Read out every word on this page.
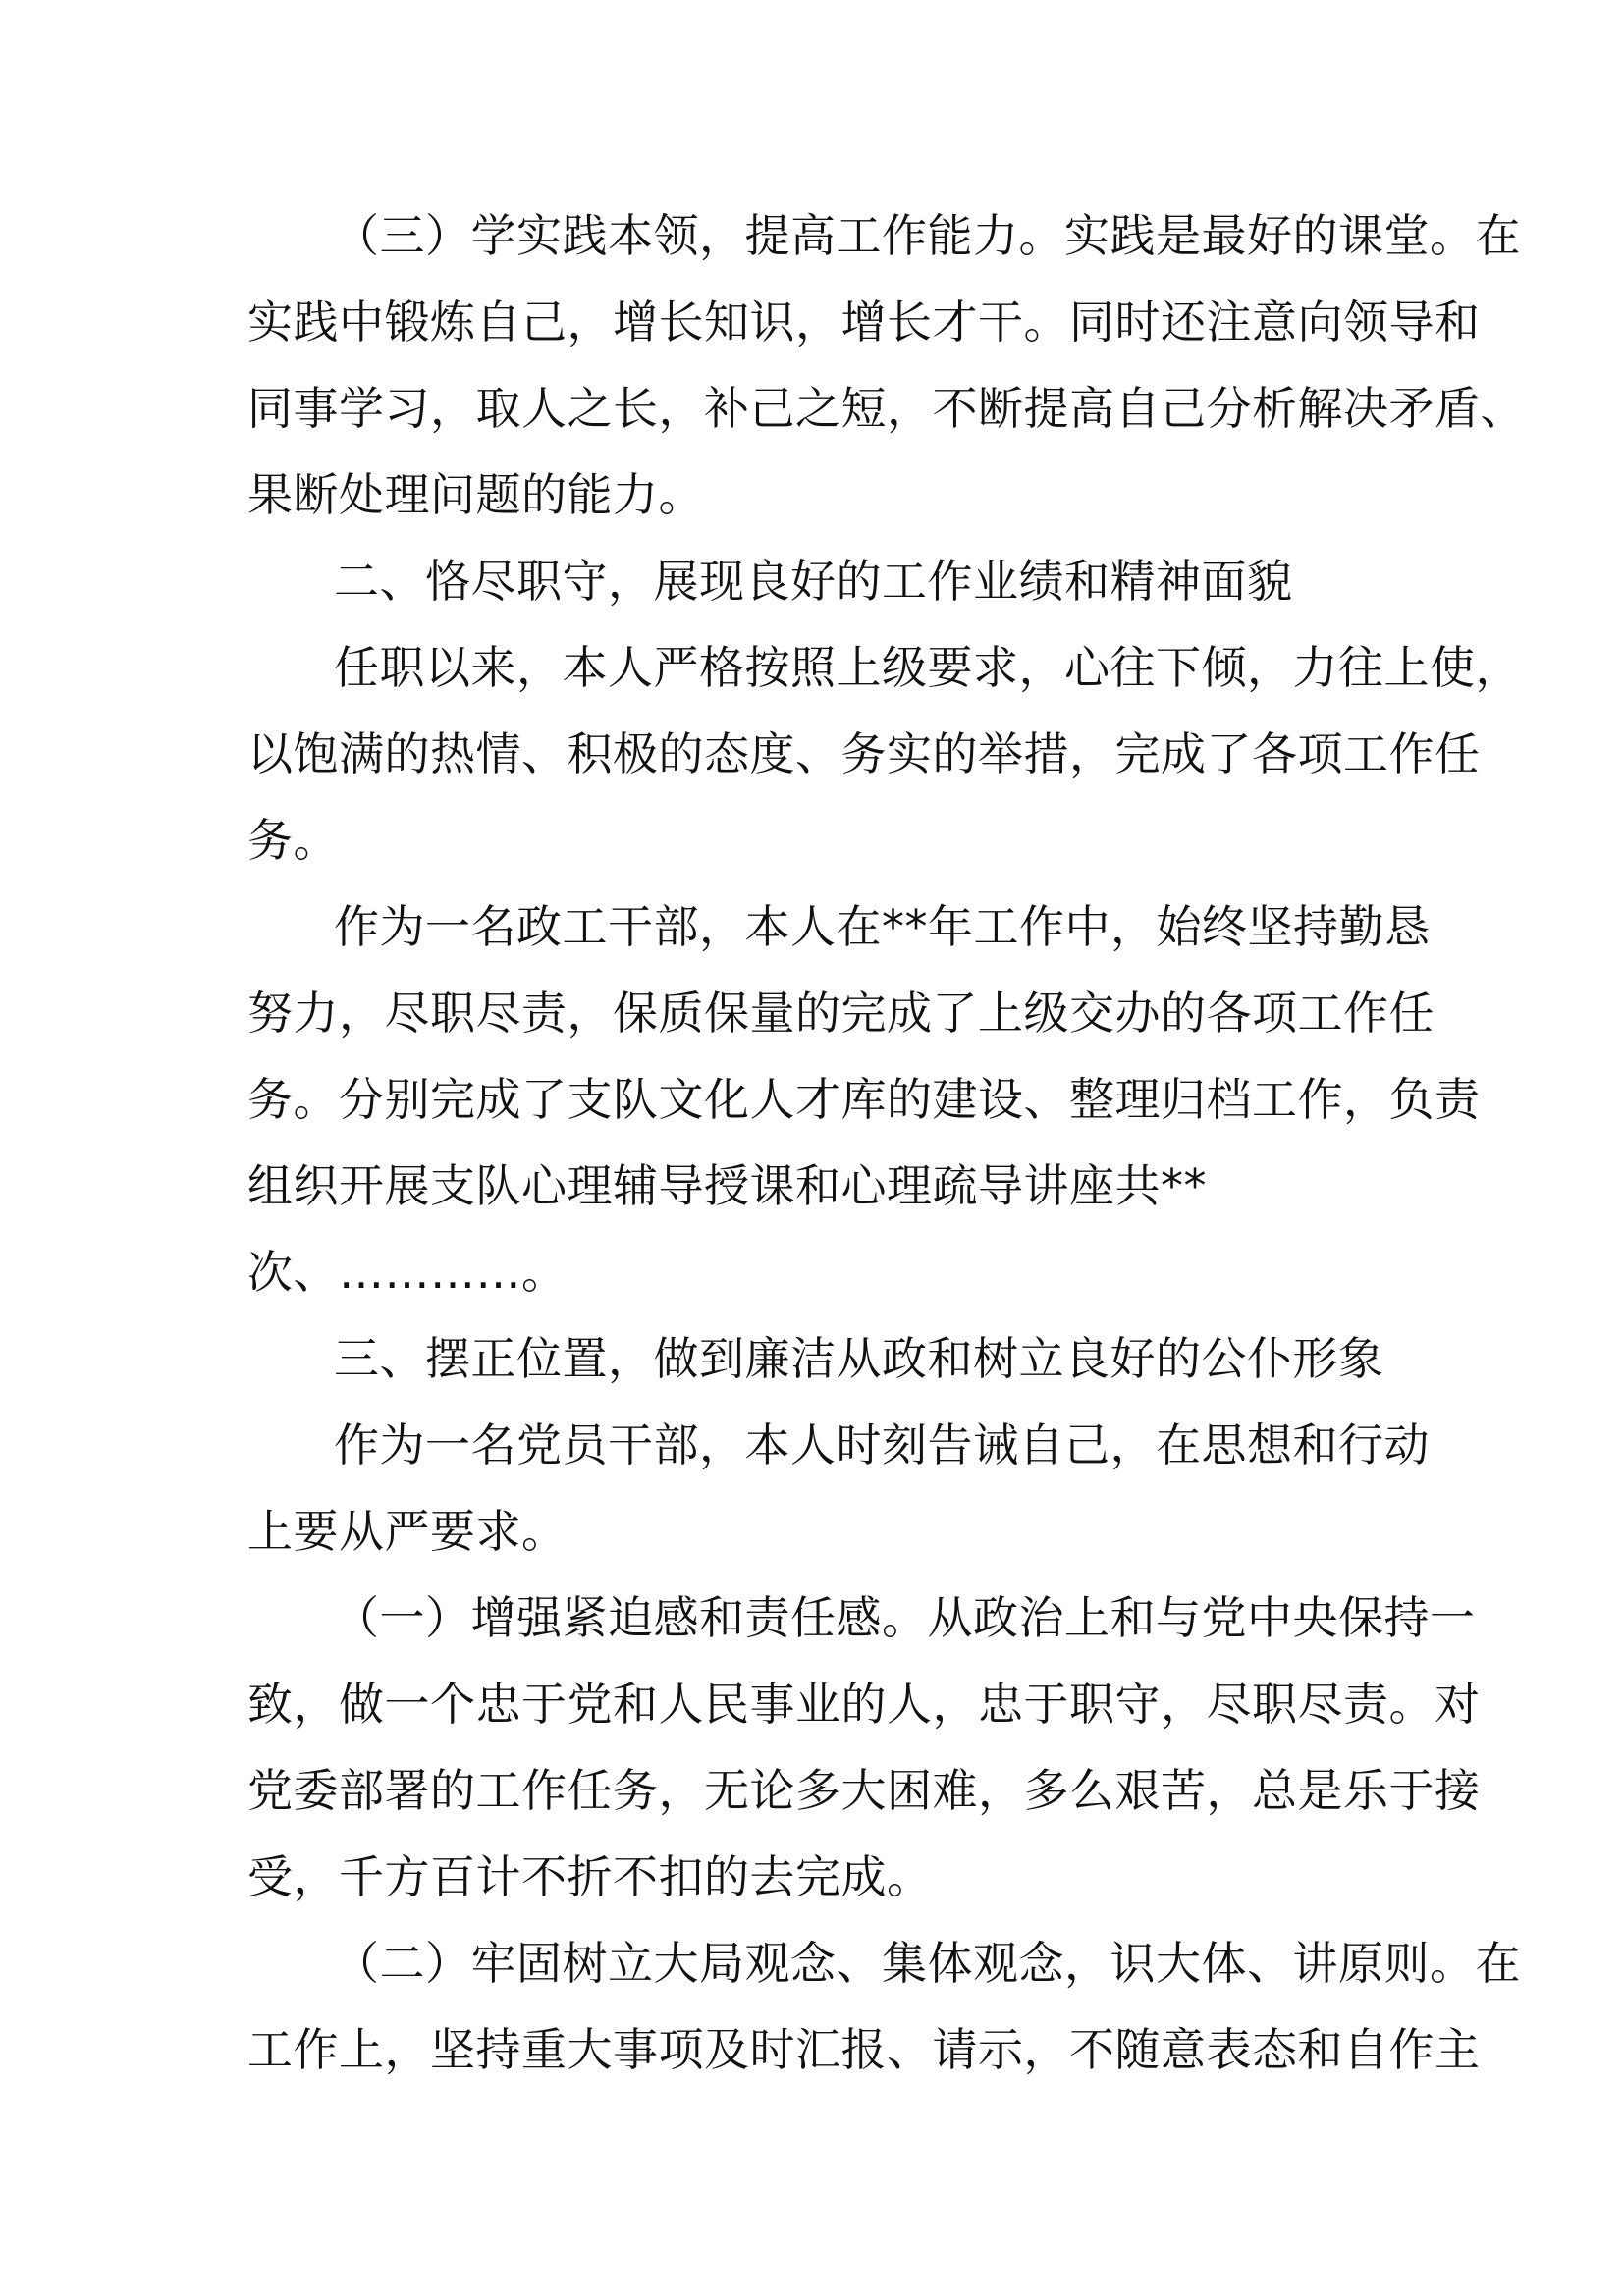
（三）学实践本领，提高工作能力。实践是最好的课堂。在
实践中锻炼自己，增长知识，增长才干。同时还注意向领导和
同事学习，取人之长，补己之短，不断提高自己分析解决矛盾、
果断处理问题的能力。
二、恪尽职守，展现良好的工作业绩和精神面貌
任职以来，本人严格按照上级要求，心往下倾，力往上使，
以饱满的热情、积极的态度、务实的举措，完成了各项工作任
务。
作为一名政工干部，本人在**年工作中，始终坚持勤恳
努力，尽职尽责，保质保量的完成了上级交办的各项工作任
务。分别完成了支队文化人才库的建设、整理归档工作，负责
组织开展支队心理辅导授课和心理疏导讲座共**
次、…………。
三、摆正位置，做到廉洁从政和树立良好的公仆形象
作为一名党员干部，本人时刻告诫自己，在思想和行动
上要从严要求。
（一）增强紧迫感和责任感。从政治上和与党中央保持一
致，做一个忠于党和人民事业的人，忠于职守，尽职尽责。对
党委部署的工作任务，无论多大困难，多么艰苦，总是乐于接
受，千方百计不折不扣的去完成。
（二）牢固树立大局观念、集体观念，识大体、讲原则。在
工作上，坚持重大事项及时汇报、请示，不随意表态和自作主
